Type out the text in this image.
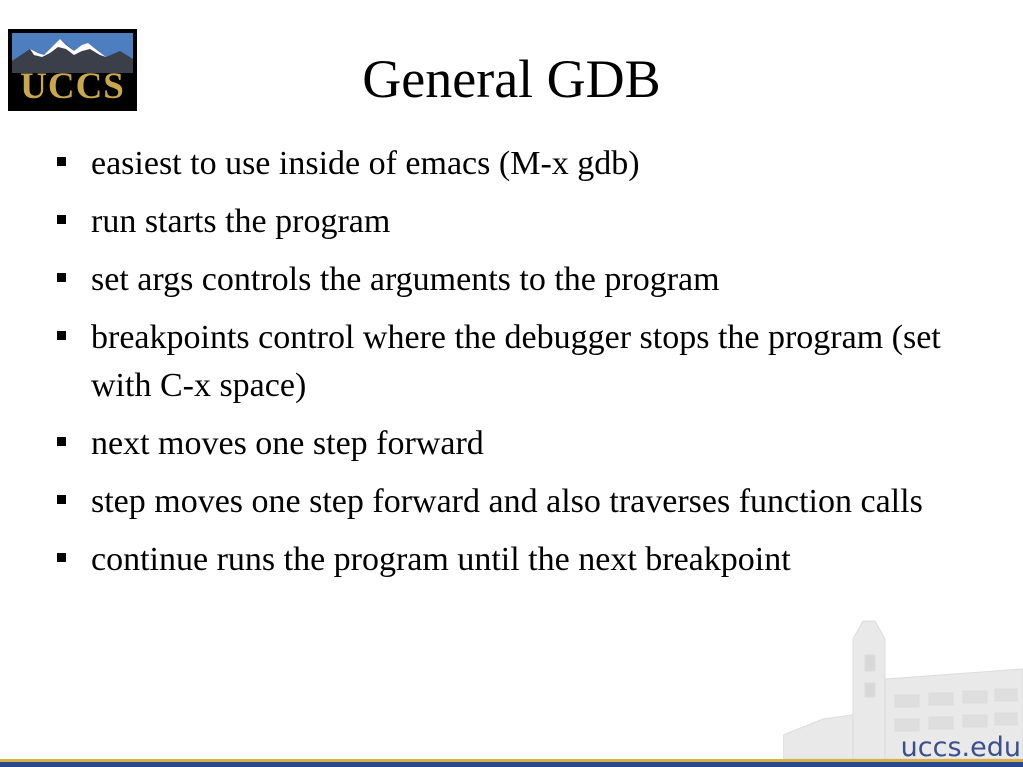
UCCS	General GDB
easiest to use inside of emacs (M-x gdb)
run starts the program
set args controls the arguments to the program
breakpoints control where the debugger stops the program (set with C-x space)
next moves one step forward
step moves one step forward and also traverses function calls
continue runs the program until the next breakpoint
uccs.edu
